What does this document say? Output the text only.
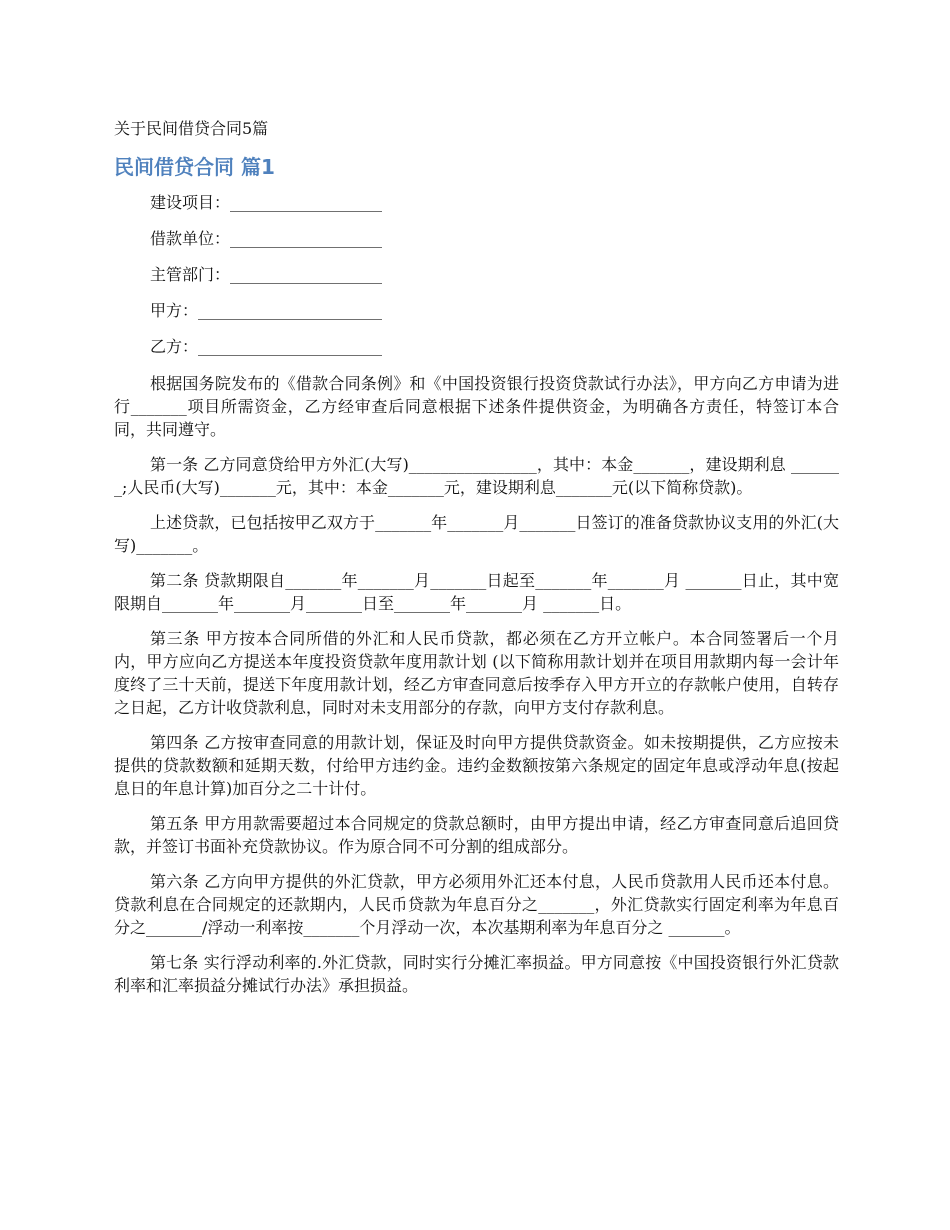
关于民间借贷合同5篇
民间借贷合同 篇1
建设项目：___________________
借款单位：___________________
主管部门：___________________
甲方：_______________________
乙方：_______________________

根据国务院发布的《借款合同条例》和《中国投资银行投资贷款试行办法》，甲方向乙方申请为进行_______项目所需资金，乙方经审查后同意根据下述条件提供资金，为明确各方责任，特签订本合同，共同遵守。

第一条 乙方同意贷给甲方外汇(大写)________________，其中：本金_______，建设期利息 _______;人民币(大写)_______元，其中：本金_______元，建设期利息_______元(以下简称贷款)。

上述贷款，已包括按甲乙双方于_______年_______月_______日签订的准备贷款协议支用的外汇(大写)_______。

第二条 贷款期限自_______年_______月_______日起至_______年_______月 _______日止，其中宽限期自_______年_______月_______日至_______年_______月 _______日。

第三条 甲方按本合同所借的外汇和人民币贷款，都必须在乙方开立帐户。本合同签署后一个月内，甲方应向乙方提送本年度投资贷款年度用款计划 (以下简称用款计划并在项目用款期内每一会计年度终了三十天前，提送下年度用款计划，经乙方审查同意后按季存入甲方开立的存款帐户使用，自转存之日起，乙方计收贷款利息，同时对未支用部分的存款，向甲方支付存款利息。

第四条 乙方按审查同意的用款计划，保证及时向甲方提供贷款资金。如未按期提供，乙方应按未提供的贷款数额和延期天数，付给甲方违约金。违约金数额按第六条规定的固定年息或浮动年息(按起息日的年息计算)加百分之二十计付。

第五条 甲方用款需要超过本合同规定的贷款总额时，由甲方提出申请，经乙方审查同意后追回贷款，并签订书面补充贷款协议。作为原合同不可分割的组成部分。

第六条 乙方向甲方提供的外汇贷款，甲方必须用外汇还本付息，人民币贷款用人民币还本付息。贷款利息在合同规定的还款期内，人民币贷款为年息百分之_______，外汇贷款实行固定利率为年息百分之_______/浮动一利率按_______个月浮动一次，本次基期利率为年息百分之 _______。

第七条 实行浮动利率的.外汇贷款，同时实行分摊汇率损益。甲方同意按《中国投资银行外汇贷款利率和汇率损益分摊试行办法》承担损益。
